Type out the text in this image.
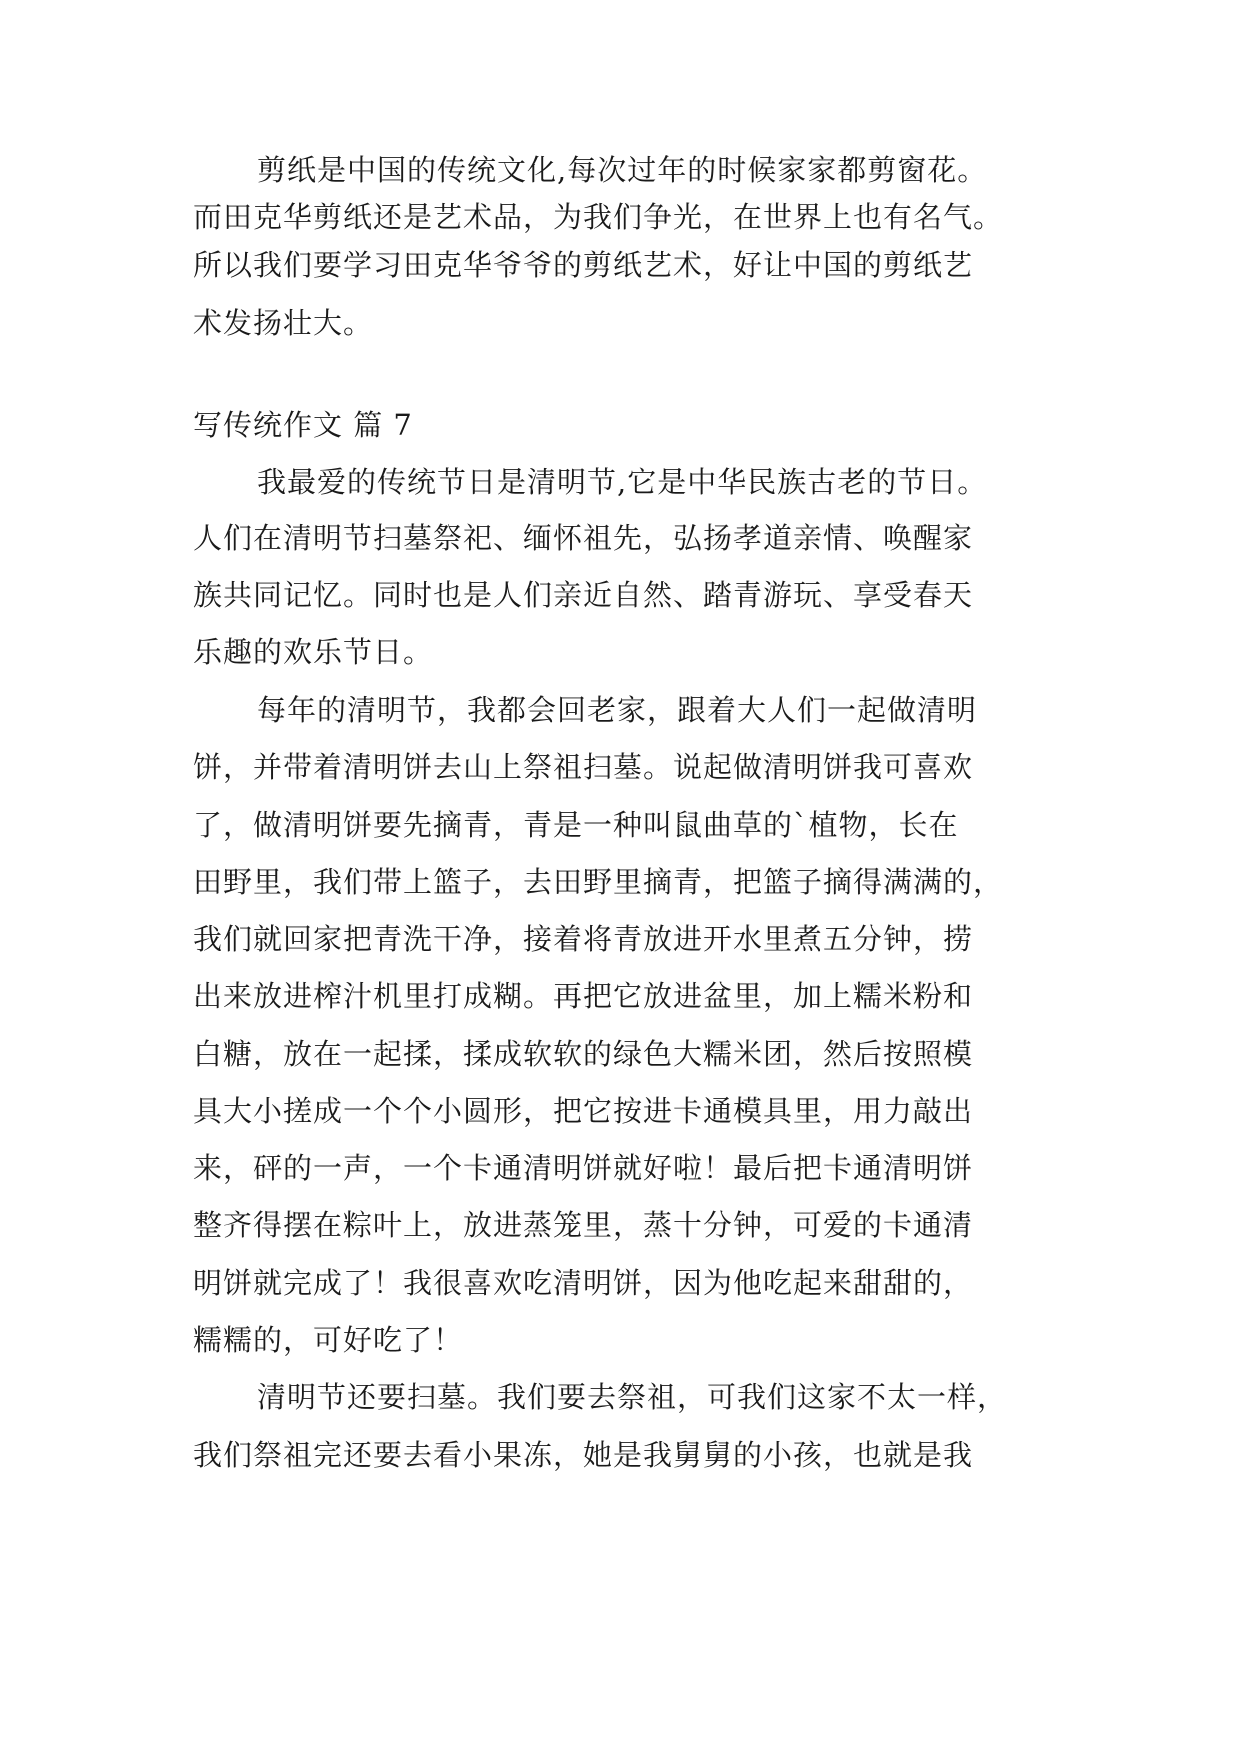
剪纸是中国的传统文化,每次过年的时候家家都剪窗花。
而田克华剪纸还是艺术品，为我们争光，在世界上也有名气。
所以我们要学习田克华爷爷的剪纸艺术，好让中国的剪纸艺
术发扬壮大。
写传统作文 篇 7
我最爱的传统节日是清明节,它是中华民族古老的节日。
人们在清明节扫墓祭祀、缅怀祖先，弘扬孝道亲情、唤醒家
族共同记忆。同时也是人们亲近自然、踏青游玩、享受春天
乐趣的欢乐节日。
每年的清明节，我都会回老家，跟着大人们一起做清明
饼，并带着清明饼去山上祭祖扫墓。说起做清明饼我可喜欢
了，做清明饼要先摘青，青是一种叫鼠曲草的`植物，长在
田野里，我们带上篮子，去田野里摘青，把篮子摘得满满的，
我们就回家把青洗干净，接着将青放进开水里煮五分钟，捞
出来放进榨汁机里打成糊。再把它放进盆里，加上糯米粉和
白糖，放在一起揉，揉成软软的绿色大糯米团，然后按照模
具大小搓成一个个小圆形，把它按进卡通模具里，用力敲出
来，砰的一声，一个卡通清明饼就好啦！最后把卡通清明饼
整齐得摆在粽叶上，放进蒸笼里，蒸十分钟，可爱的卡通清
明饼就完成了！我很喜欢吃清明饼，因为他吃起来甜甜的，
糯糯的，可好吃了！
清明节还要扫墓。我们要去祭祖，可我们这家不太一样，
我们祭祖完还要去看小果冻，她是我舅舅的小孩，也就是我
